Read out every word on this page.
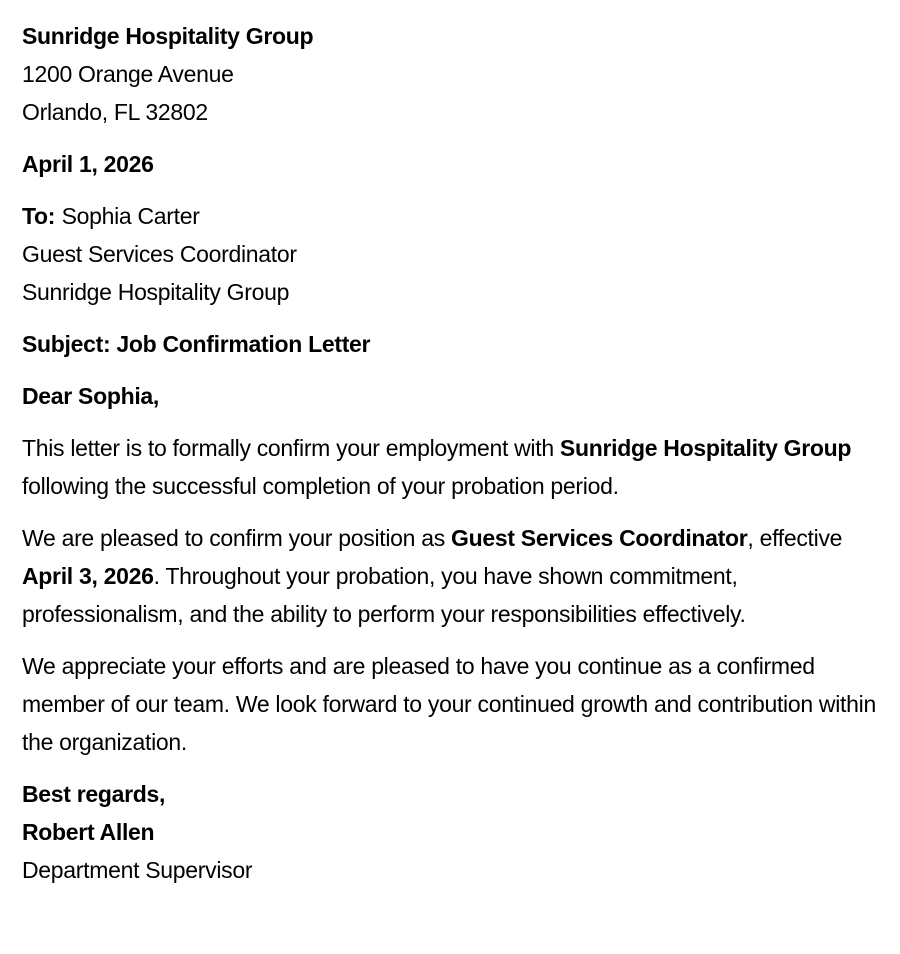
Sunridge Hospitality Group
1200 Orange Avenue
Orlando, FL 32802
April 1, 2026
To: Sophia Carter
Guest Services Coordinator
Sunridge Hospitality Group
Subject: Job Confirmation Letter
Dear Sophia,

This letter is to formally confirm your employment with Sunridge Hospitality Group following the successful completion of your probation period.

We are pleased to confirm your position as Guest Services Coordinator, effective April 3, 2026. Throughout your probation, you have shown commitment, professionalism, and the ability to perform your responsibilities effectively.

We appreciate your efforts and are pleased to have you continue as a confirmed member of our team. We look forward to your continued growth and contribution within the organization.

Best regards,
Robert Allen
Department Supervisor
